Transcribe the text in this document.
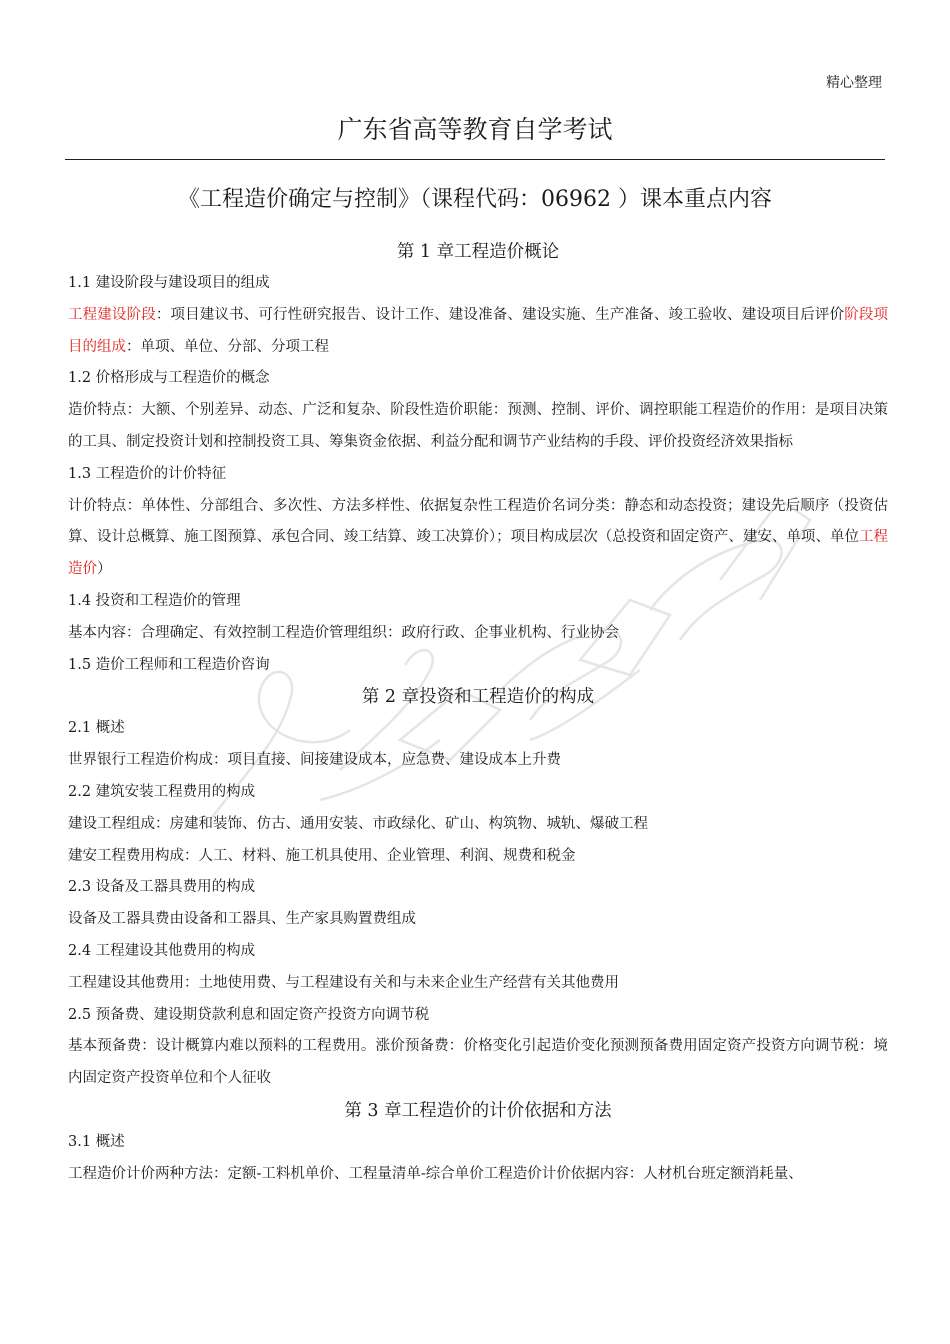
精心整理
广东省高等教育自学考试
《工程造价确定与控制》（课程代码：06962 ）课本重点内容
第 1 章工程造价概论
1.1 建设阶段与建设项目的组成
工程建设阶段：项目建议书、可行性研究报告、设计工作、建设准备、建设实施、生产准备、竣工验收、建设项目后评价阶段项目的组成：单项、单位、分部、分项工程
1.2 价格形成与工程造价的概念
造价特点：大额、个别差异、动态、广泛和复杂、阶段性造价职能：预测、控制、评价、调控职能工程造价的作用：是项目决策的工具、制定投资计划和控制投资工具、筹集资金依据、利益分配和调节产业结构的手段、评价投资经济效果指标
1.3 工程造价的计价特征
计价特点：单体性、分部组合、多次性、方法多样性、依据复杂性工程造价名词分类：静态和动态投资；建设先后顺序（投资估算、设计总概算、施工图预算、承包合同、竣工结算、竣工决算价）；项目构成层次（总投资和固定资产、建安、单项、单位工程造价）
1.4 投资和工程造价的管理
基本内容：合理确定、有效控制工程造价管理组织：政府行政、企事业机构、行业协会
1.5 造价工程师和工程造价咨询
第 2 章投资和工程造价的构成
2.1 概述
世界银行工程造价构成：项目直接、间接建设成本，应急费、建设成本上升费
2.2 建筑安装工程费用的构成
建设工程组成：房建和装饰、仿古、通用安装、市政绿化、矿山、构筑物、城轨、爆破工程
建安工程费用构成：人工、材料、施工机具使用、企业管理、利润、规费和税金
2.3 设备及工器具费用的构成
设备及工器具费由设备和工器具、生产家具购置费组成
2.4 工程建设其他费用的构成
工程建设其他费用：土地使用费、与工程建设有关和与未来企业生产经营有关其他费用
2.5 预备费、建设期贷款利息和固定资产投资方向调节税
基本预备费：设计概算内难以预料的工程费用。涨价预备费：价格变化引起造价变化预测预备费用固定资产投资方向调节税：境内固定资产投资单位和个人征收
第 3 章工程造价的计价依据和方法
3.1 概述
工程造价计价两种方法：定额-工料机单价、工程量清单-综合单价工程造价计价依据内容：人材机台班定额消耗量、
